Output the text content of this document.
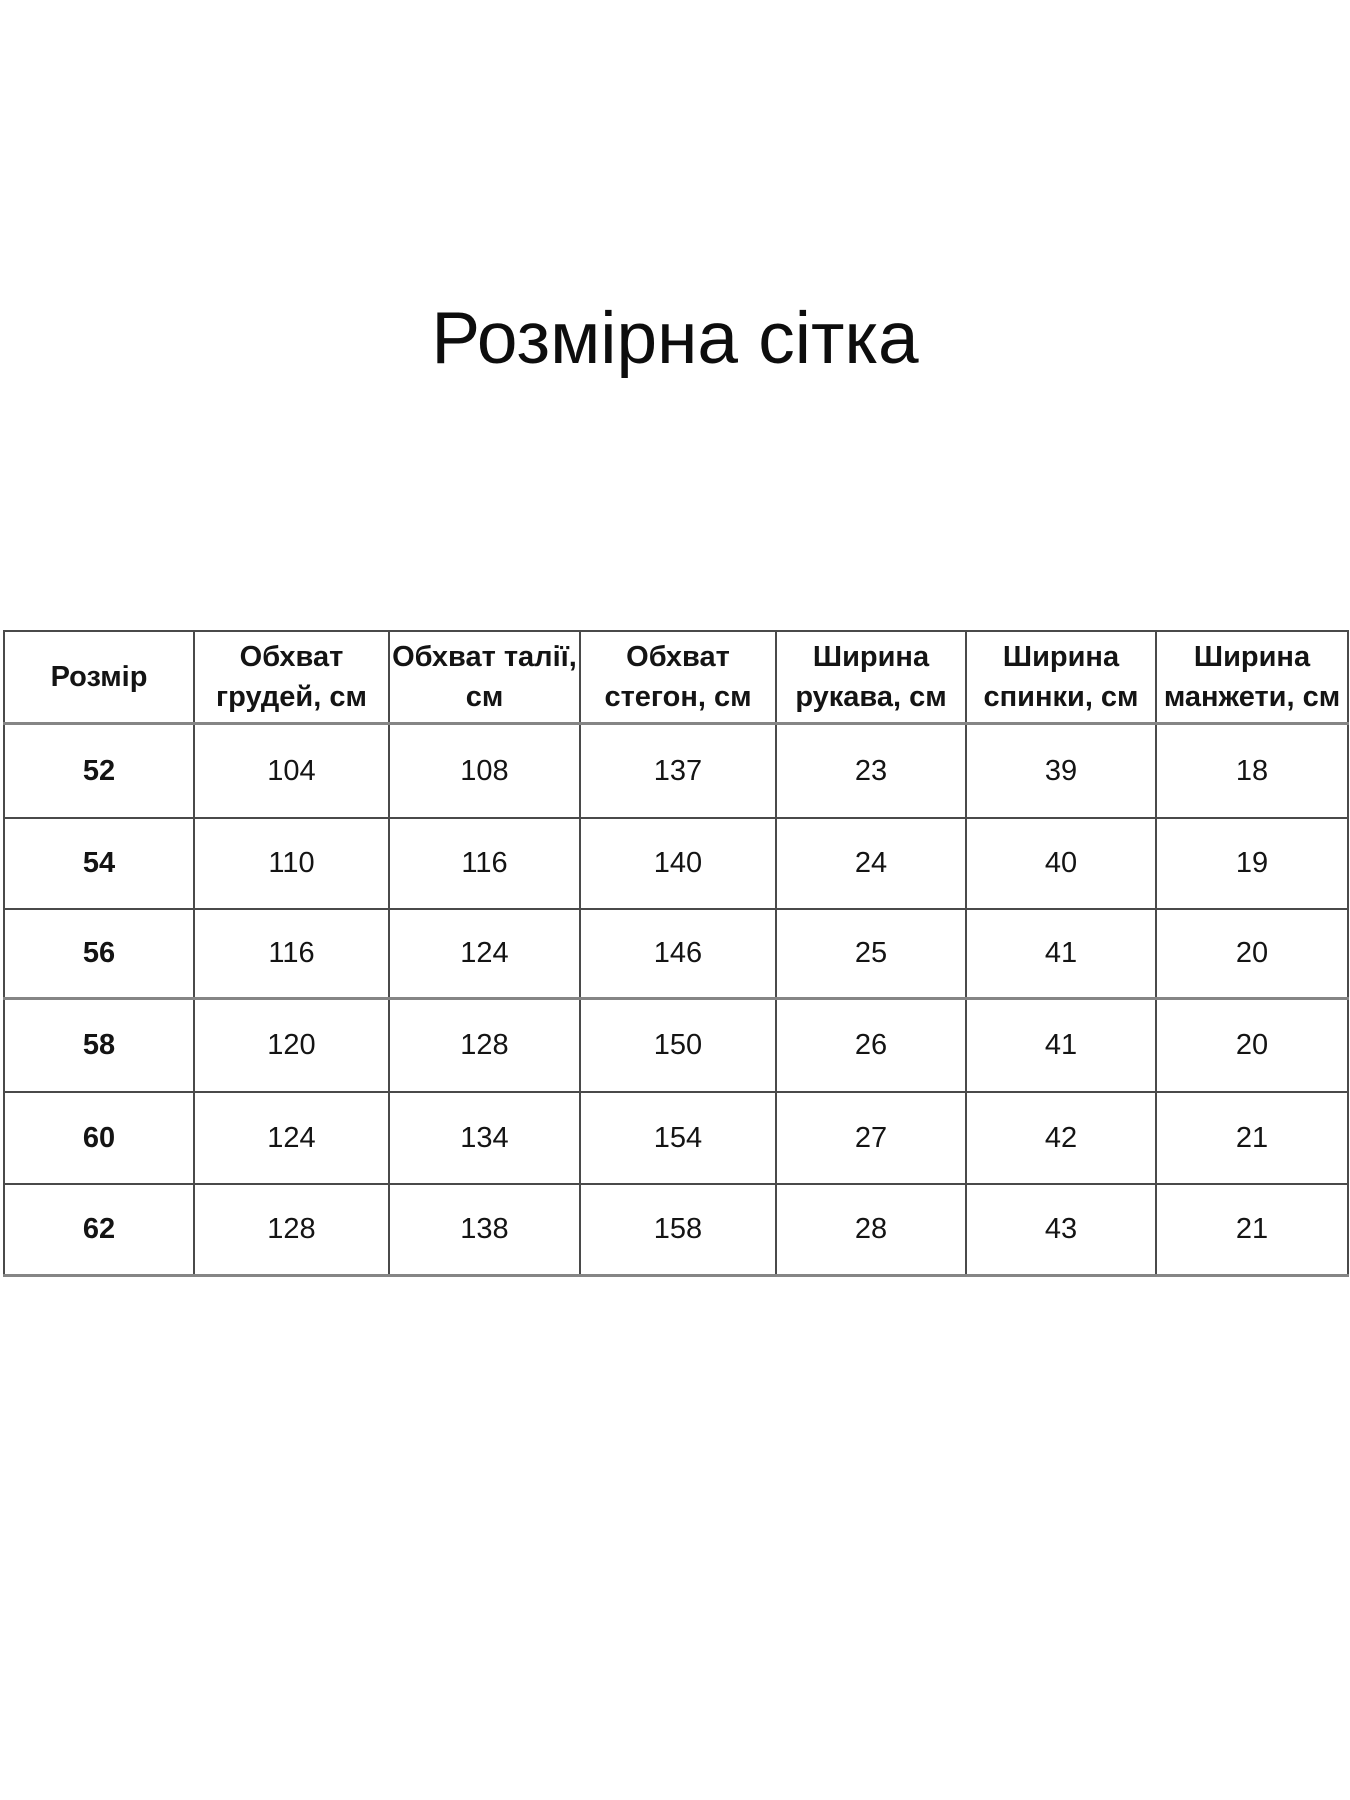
Розмірна сітка
Розмір	Обхват грудей, см	Обхват талії, см	Обхват стегон, см	Ширина рукава, см	Ширина спинки, см	Ширина манжети, см
52	104	108	137	23	39	18
54	110	116	140	24	40	19
56	116	124	146	25	41	20
58	120	128	150	26	41	20
60	124	134	154	27	42	21
62	128	138	158	28	43	21
